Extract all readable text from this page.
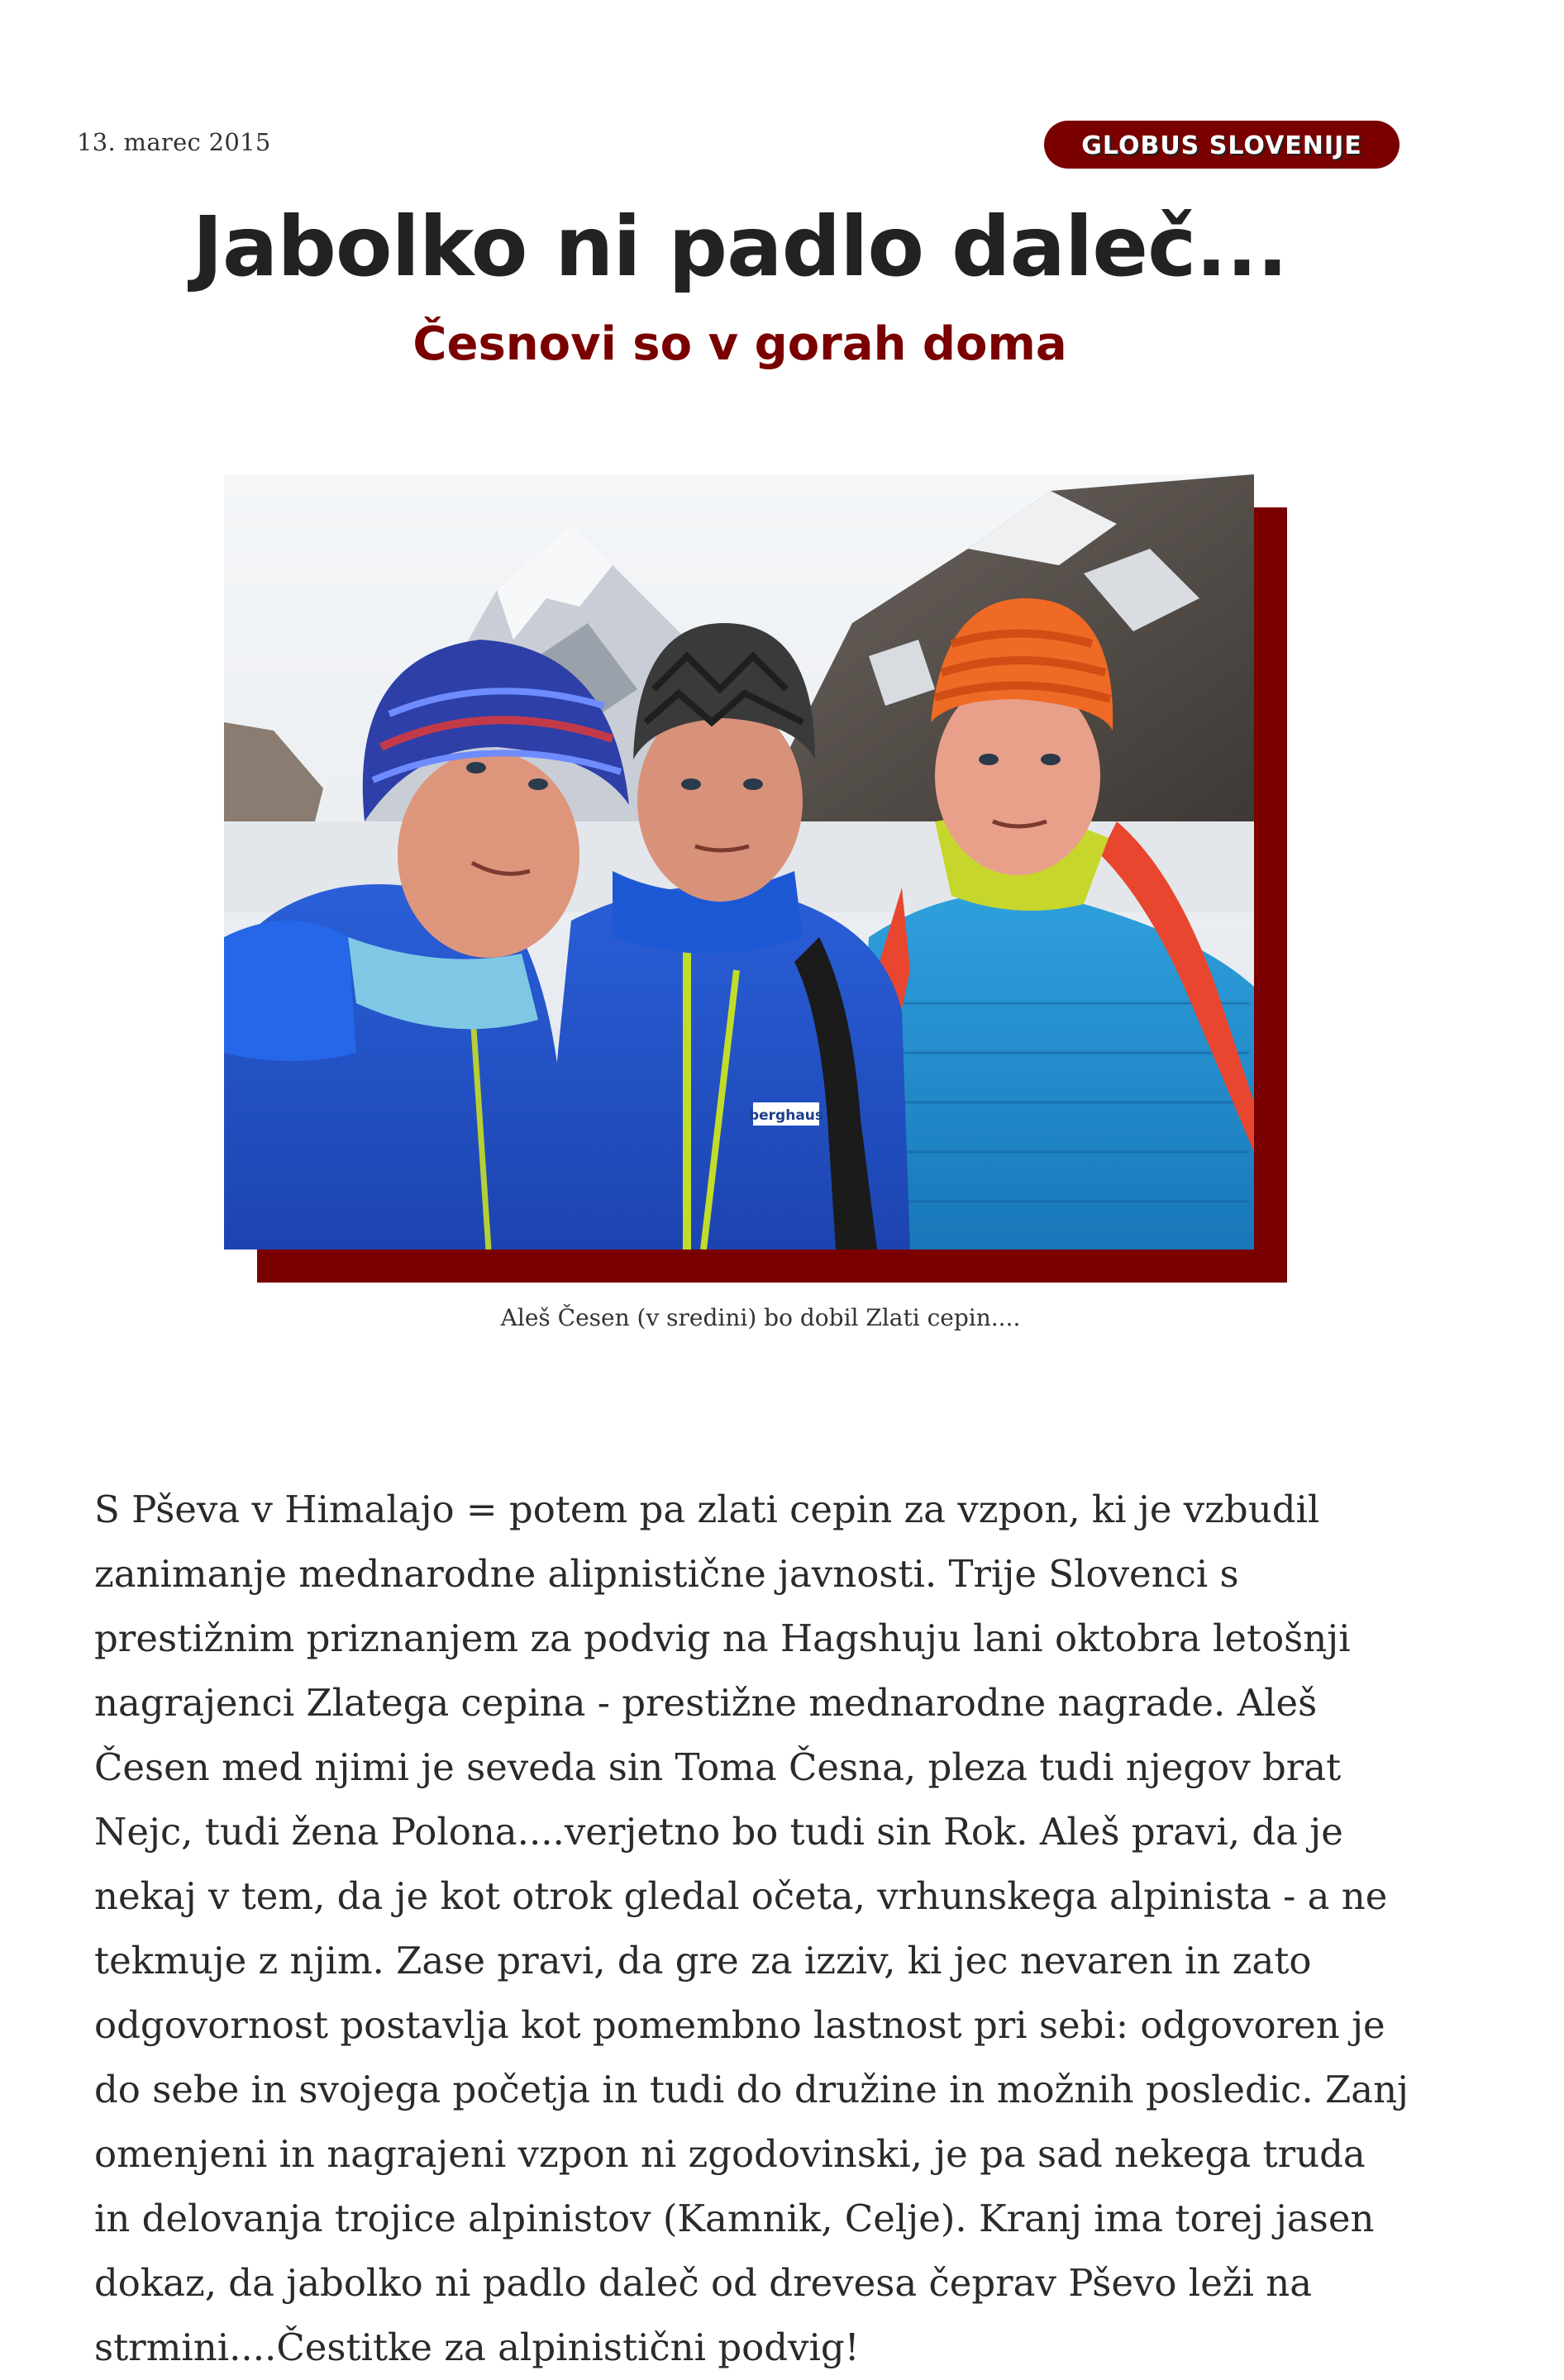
13. marec 2015	GLOBUS SLOVENIJE
Jabolko ni padlo daleč...
Česnovi so v gorah doma
berghaus
Aleš Česen (v sredini) bo dobil Zlati cepin....

S Pševa v Himalajo = potem pa zlati cepin za vzpon, ki je vzbudil zanimanje mednarodne alipnistične javnosti. Trije Slovenci s prestižnim priznanjem za podvig na Hagshuju lani oktobra letošnji nagrajenci Zlatega cepina - prestižne mednarodne nagrade. Aleš Česen med njimi je seveda sin Toma Česna, pleza tudi njegov brat Nejc, tudi žena Polona....verjetno bo tudi sin Rok. Aleš pravi, da je nekaj v tem, da je kot otrok gledal očeta, vrhunskega alpinista - a ne tekmuje z njim. Zase pravi, da gre za izziv, ki jec nevaren in zato odgovornost postavlja kot pomembno lastnost pri sebi: odgovoren je do sebe in svojega početja in tudi do družine in možnih posledic. Zanj omenjeni in nagrajeni vzpon ni zgodovinski, je pa sad nekega truda in delovanja trojice alpinistov (Kamnik, Celje). Kranj ima torej jasen dokaz, da jabolko ni padlo daleč od drevesa čeprav Pševo leži na strmini....Čestitke za alpinistični podvig!
